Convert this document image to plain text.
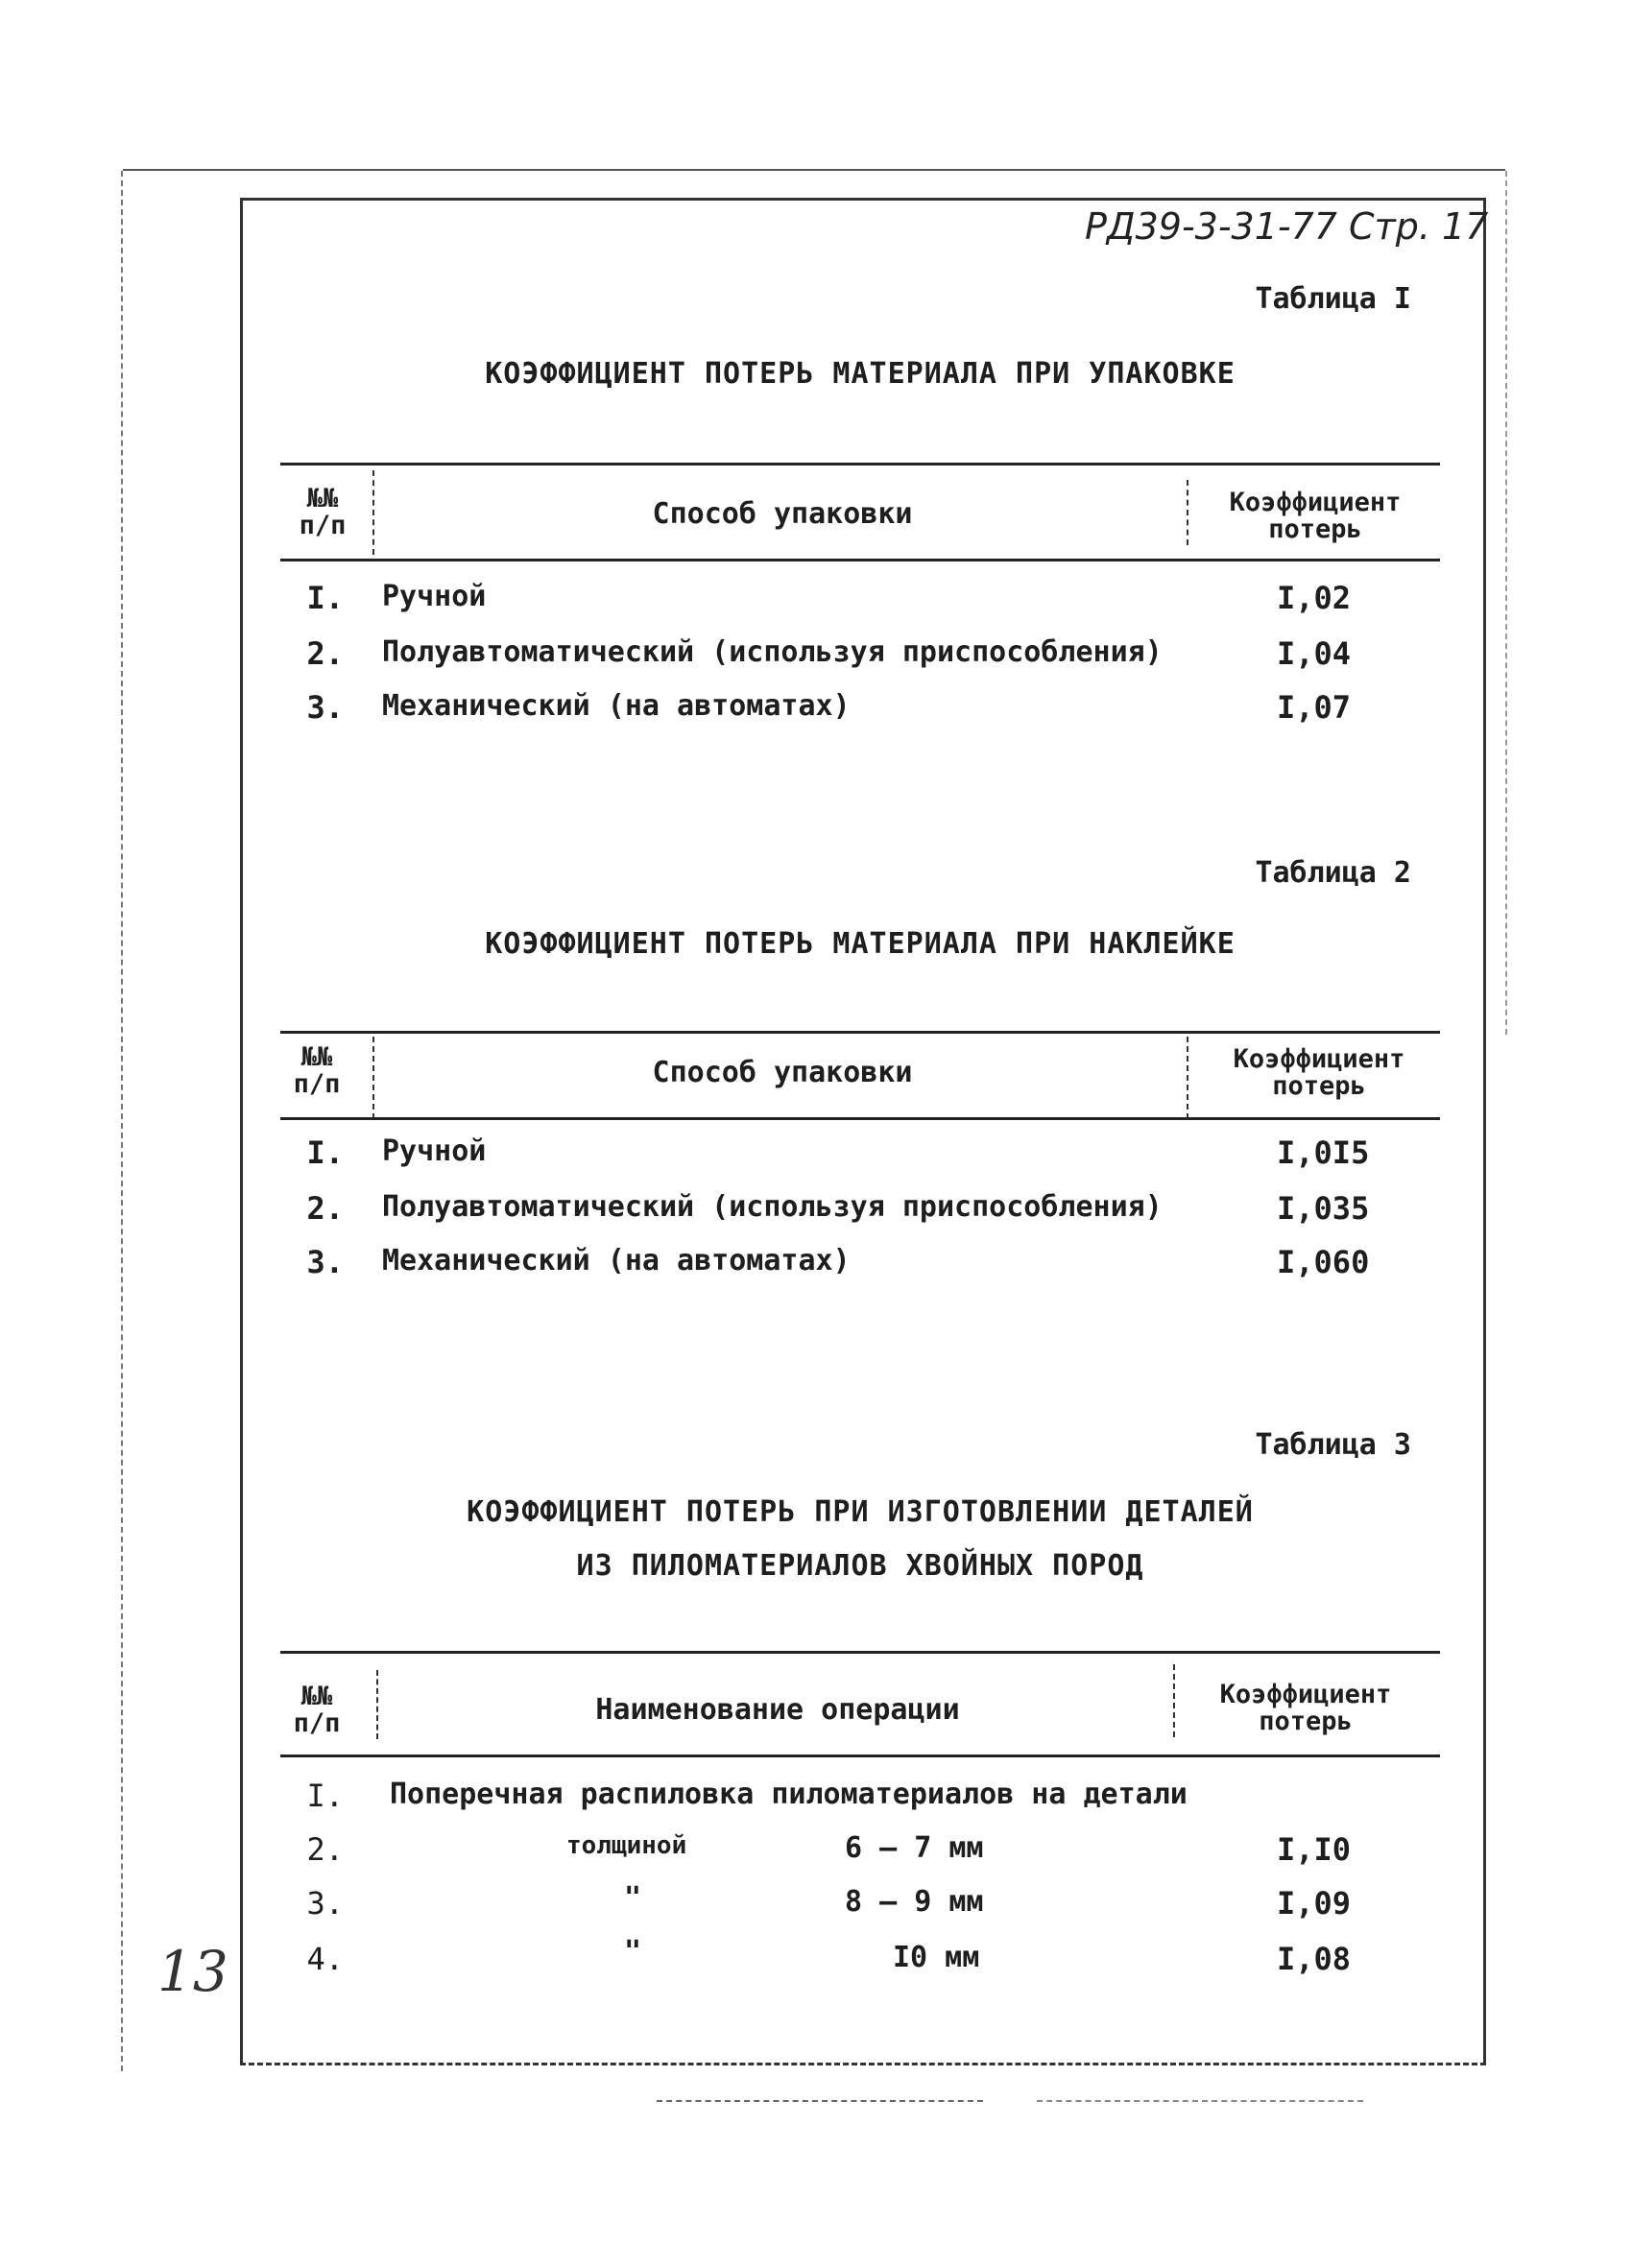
13
РД39-3-31-77 Стр. 17
Таблица I
КОЭФФИЦИЕНТ ПОТЕРЬ МАТЕРИАЛА ПРИ УПАКОВКЕ
№№
п/п	Способ упаковки	Коэффициент
потерь
I. Ручной	I,02
2. Полуавтоматический (используя приспособления)	I,04
3. Механический (на автоматах)	I,07
Таблица 2
КОЭФФИЦИЕНТ ПОТЕРЬ МАТЕРИАЛА ПРИ НАКЛЕЙКЕ
№№
п/п	Способ упаковки	Коэффициент
потерь
I. Ручной	I,0I5
2. Полуавтоматический (используя приспособления)	I,035
3. Механический (на автоматах)	I,060
Таблица 3
КОЭФФИЦИЕНТ ПОТЕРЬ ПРИ ИЗГОТОВЛЕНИИ ДЕТАЛЕЙ
ИЗ ПИЛОМАТЕРИАЛОВ ХВОЙНЫХ ПОРОД
№№
п/п	Наименование операции	Коэффициент
потерь
I. Поперечная распиловка пиломатериалов на детали
2.	толщиной	6 – 7 мм	I,I0
3.	"	8 – 9 мм	I,09
4.	"	I0 мм	I,08
